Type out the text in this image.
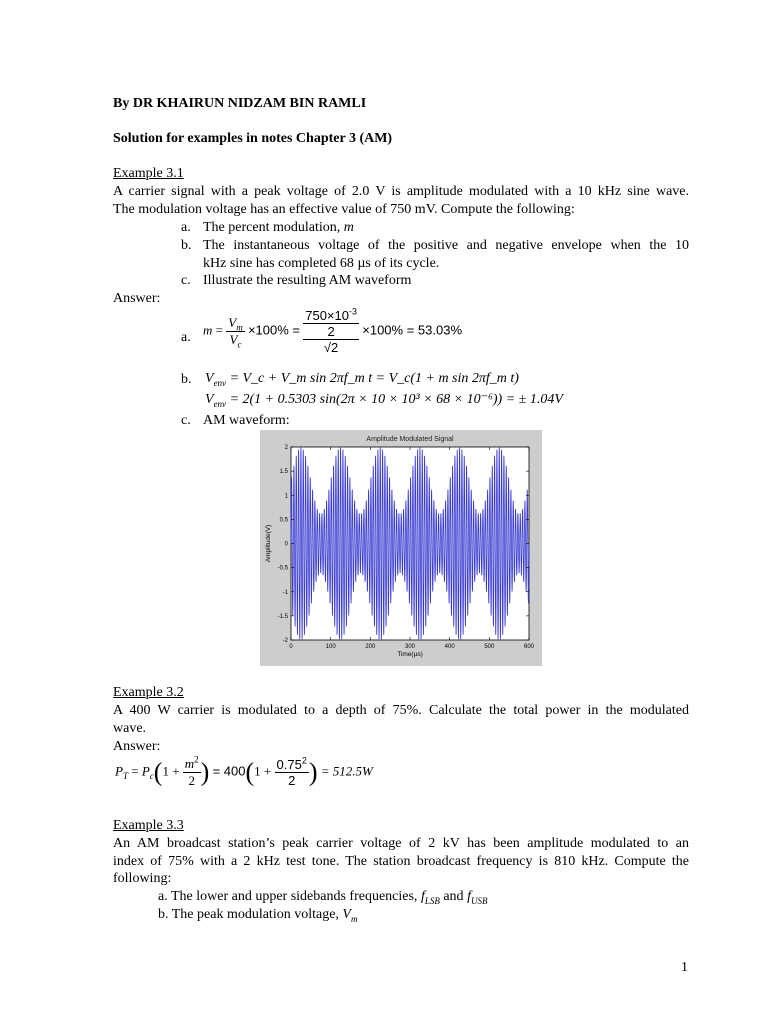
By DR KHAIRUN NIDZAM BIN RAMLI
Solution for examples in notes Chapter 3 (AM)
Example 3.1
A carrier signal with a peak voltage of 2.0 V is amplitude modulated with a 10 kHz sine wave.
The modulation voltage has an effective value of 750 mV. Compute the following:
a. The percent modulation, m
b. The instantaneous voltage of the positive and negative envelope when the 10
kHz sine has completed 68 µs of its cycle.
c. Illustrate the resulting AM waveform
Answer:
a.
$m = \frac{V_m}{V_c} \times 100\%$ =
$750\times 10^{-3}$
2
√2
×100% = 53.03%
b. $V_{env}$ = V_c + V_m sin 2πf_m t = V_c(1 + m sin 2πf_m t)
$V_{env} = 2(1 + 0.5303$ sin(2π × 10 × 10³ × 68 × 10⁻⁶)) = ± 1.04V
c. AM waveform:
Amplitude Modulated Signal
0	100	200	300	400	500	600
2
1.5
1
0.5
0
-0.5
-1
-1.5
-2
Time(µs)
Amplitude(V)
Example 3.2
A 400 W carrier is modulated to a depth of 75%. Calculate the total power in the modulated
wave.
Answer:
$P_T = P_c(1 + \frac{m^2}{2}$ ) = $400(1 + \frac{0.75^2}{2}$ ) = 512.5W
Example 3.3
An AM broadcast station’s peak carrier voltage of 2 kV has been amplitude modulated to an
index of 75% with a 2 kHz test tone. The station broadcast frequency is 810 kHz. Compute the
following:
a. The lower and upper sidebands frequencies, $f_{LSB}$ and $f_{USB}$
b. The peak modulation voltage, $V_m$
1
